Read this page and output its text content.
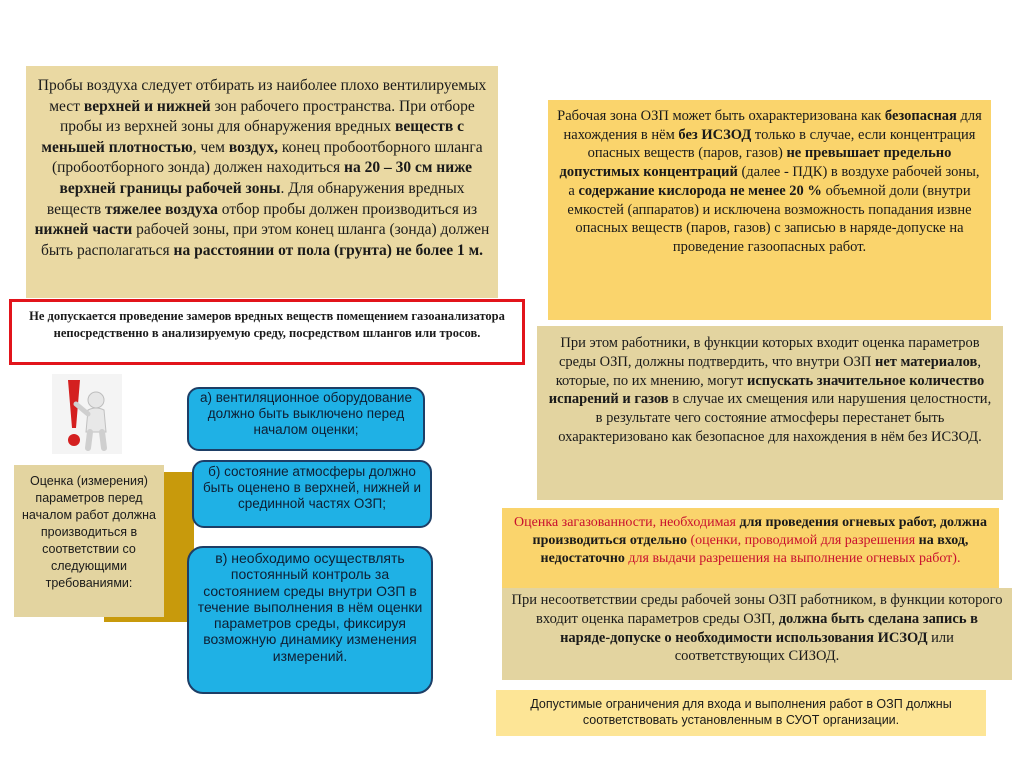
Пробы воздуха следует отбирать из наиболее плохо вентилируемых мест верхней и нижней зон рабочего пространства. При отборе пробы из верхней зоны для обнаружения вредных веществ с меньшей плотностью, чем воздух, конец пробоотборного шланга (пробоотборного зонда) должен находиться на 20 – 30 см ниже верхней границы рабочей зоны. Для обнаружения вредных веществ тяжелее воздуха отбор пробы должен производиться из нижней части рабочей зоны, при этом конец шланга (зонда) должен быть располагаться на расстоянии от пола (грунта) не более 1 м.
Не допускается проведение замеров вредных веществ помещением газоанализатора непосредственно в анализируемую среду, посредством шлангов или тросов.
Оценка (измерения) параметров перед началом работ должна производиться в соответствии со следующими требованиями:
а) вентиляционное оборудование должно быть выключено перед началом оценки;
б) состояние атмосферы должно быть оценено в верхней, нижней и срединной частях ОЗП;
в) необходимо осуществлять постоянный контроль за состоянием среды внутри ОЗП в течение выполнения в нём оценки параметров среды, фиксируя возможную динамику изменения измерений.
Рабочая зона ОЗП может быть охарактеризована как безопасная для нахождения в нём без ИСЗОД только в случае, если концентрация опасных веществ (паров, газов) не превышает предельно допустимых концентраций (далее - ПДК) в воздухе рабочей зоны, а содержание кислорода не менее 20 % объемной доли (внутри емкостей (аппаратов) и исключена возможность попадания извне опасных веществ (паров, газов) с записью в наряде-допуске на проведение газоопасных работ.
При этом работники, в функции которых входит оценка параметров среды ОЗП, должны подтвердить, что внутри ОЗП нет материалов, которые, по их мнению, могут испускать значительное количество испарений и газов в случае их смещения или нарушения целостности, в результате чего состояние атмосферы перестанет быть охарактеризовано как безопасное для нахождения в нём без ИСЗОД.
Оценка загазованности, необходимая для проведения огневых работ, должна производиться отдельно (оценки, проводимой для разрешения на вход, недостаточно для выдачи разрешения на выполнение огневых работ).
При несоответствии среды рабочей зоны ОЗП работником, в функции которого входит оценка параметров среды ОЗП, должна быть сделана запись в наряде-допуске о необходимости использования ИСЗОД или соответствующих СИЗОД.
Допустимые ограничения для входа и выполнения работ в ОЗП должны соответствовать установленным в СУОТ организации.
